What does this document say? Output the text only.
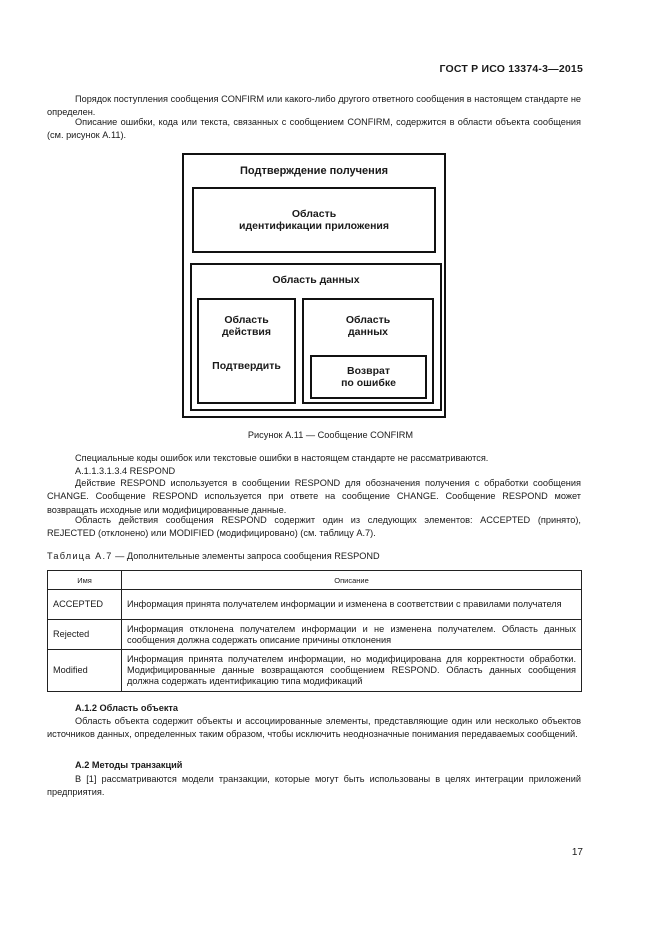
ГОСТ Р ИСО 13374-3—2015

Порядок поступления сообщения CONFIRM или какого-либо другого ответного сообщения в настоящем стандарте не определен.

Описание ошибки, кода или текста, связанных с сообщением CONFIRM, содержится в области объекта сообщения (см. рисунок А.11).

Подтверждение получения
Область
идентификации приложения
Область данных
Область
действия
Подтвердить
Область
данных
Возврат
по ошибке
Рисунок А.11 — Сообщение CONFIRM

Специальные коды ошибок или текстовые ошибки в настоящем стандарте не рассматриваются.

А.1.1.3.1.3.4 RESPOND

Действие RESPOND используется в сообщении RESPOND для обозначения получения с обработки сообщения CHANGE. Сообщение RESPOND используется при ответе на сообщение CHANGE. Сообщение RESPOND может возвращать исходные или модифицированные данные.

Область действия сообщения RESPOND содержит один из следующих элементов: ACCEPTED (принято), REJECTED (отклонено) или MODIFIED (модифицировано) (см. таблицу А.7).

Таблица А.7 — Дополнительные элементы запроса сообщения RESPOND
Имя	Описание
ACCEPTED	Информация принята получателем информации и изменена в соответствии с правилами получателя
Rejected	Информация отклонена получателем информации и не изменена получателем. Область данных сообщения должна содержать описание причины отклонения
Modified	Информация принята получателем информации, но модифицирована для корректности обработки. Модифицированные данные возвращаются сообщением RESPOND. Область данных сообщения должна содержать идентификацию типа модификаций
А.1.2 Область объекта

Область объекта содержит объекты и ассоциированные элементы, представляющие один или несколько объектов источников данных, определенных таким образом, чтобы исключить неоднозначные понимания передаваемых сообщений.

А.2 Методы транзакций

В [1] рассматриваются модели транзакции, которые могут быть использованы в целях интеграции приложений предприятия.

17
